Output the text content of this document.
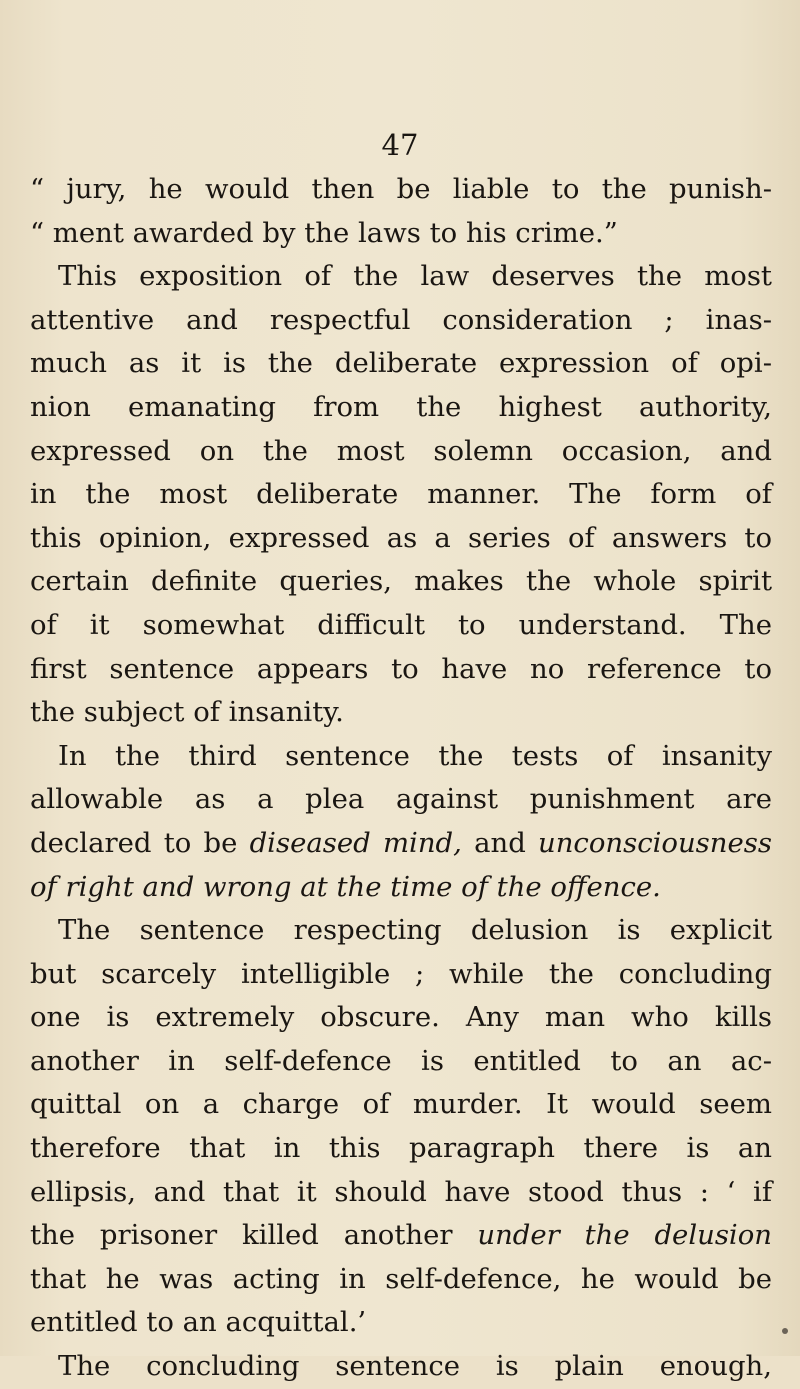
47
“ jury, he would then be liable to the punish-
“ ment awarded by the laws to his crime.”
This exposition of the law deserves the most
attentive and respectful consideration ; inas-
much as it is the deliberate expression of opi-
nion emanating from the highest authority,
expressed on the most solemn occasion, and
in the most deliberate manner. The form of
this opinion, expressed as a series of answers to
certain definite queries, makes the whole spirit
of it somewhat difficult to understand. The
first sentence appears to have no reference to
the subject of insanity.
In the third sentence the tests of insanity
allowable as a plea against punishment are
declared to be diseased mind, and unconsciousness
of right and wrong at the time of the offence.
The sentence respecting delusion is explicit
but scarcely intelligible ; while the concluding
one is extremely obscure. Any man who kills
another in self-defence is entitled to an ac-
quittal on a charge of murder. It would seem
therefore that in this paragraph there is an
ellipsis, and that it should have stood thus : ‘ if
the prisoner killed another under the delusion
that he was acting in self-defence, he would be
entitled to an acquittal.’
The concluding sentence is plain enough,
